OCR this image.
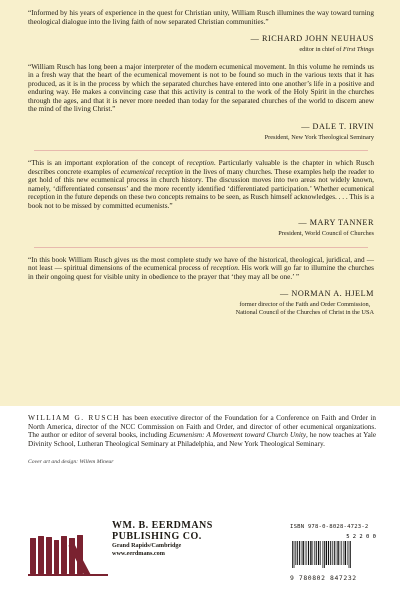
“Informed by his years of experience in the quest for Christian unity, William Rusch illumines the way toward turning theological dialogue into the living faith of now separated Christian communities.”

— RICHARD JOHN NEUHAUS
editor in chief of First Things

“William Rusch has long been a major interpreter of the modern ecumenical movement. In this volume he reminds us in a fresh way that the heart of the ecumenical movement is not to be found so much in the various texts that it has produced, as it is in the process by which the separated churches have entered into one another’s life in a positive and enduring way. He makes a convincing case that this activity is central to the work of the Holy Spirit in the churches through the ages, and that it is never more needed than today for the separated churches of the world to discern anew the mind of the living Christ.”

— DALE T. IRVIN
President, New York Theological Seminary

“This is an important exploration of the concept of reception. Particularly valuable is the chapter in which Rusch describes concrete examples of ecumenical reception in the lives of many churches. These examples help the reader to get hold of this new ecumenical process in church history. The discussion moves into two areas not widely known, namely, ‘differentiated consensus’ and the more recently identified ‘differentiated participation.’ Whether ecumenical reception in the future depends on these two concepts remains to be seen, as Rusch himself acknowledges. . . . This is a book not to be missed by committed ecumenists.”

— MARY TANNER
President, World Council of Churches

“In this book William Rusch gives us the most complete study we have of the historical, theological, juridical, and — not least — spiritual dimensions of the ecumenical process of reception. His work will go far to illumine the churches in their ongoing quest for visible unity in obedience to the prayer that ‘they may all be one.’ ”

— NORMAN A. HJELM
former director of the Faith and Order Commission,
National Council of the Churches of Christ in the USA

WILLIAM G. RUSCH has been executive director of the Foundation for a Conference on Faith and Order in North America, director of the NCC Commission on Faith and Order, and director of other ecumenical organizations. The author or editor of several books, including Ecumenism: A Movement toward Church Unity, he now teaches at Yale Divinity School, Lutheran Theological Seminary at Philadelphia, and New York Theological Seminary.

Cover art and design: Willem Mineur
WM. B. EERDMANS
PUBLISHING CO.
Grand Rapids/Cambridge
www.eerdmans.com
ISBN 978-0-8028-4723-2
5 2 2 0 0
9 780802 847232
